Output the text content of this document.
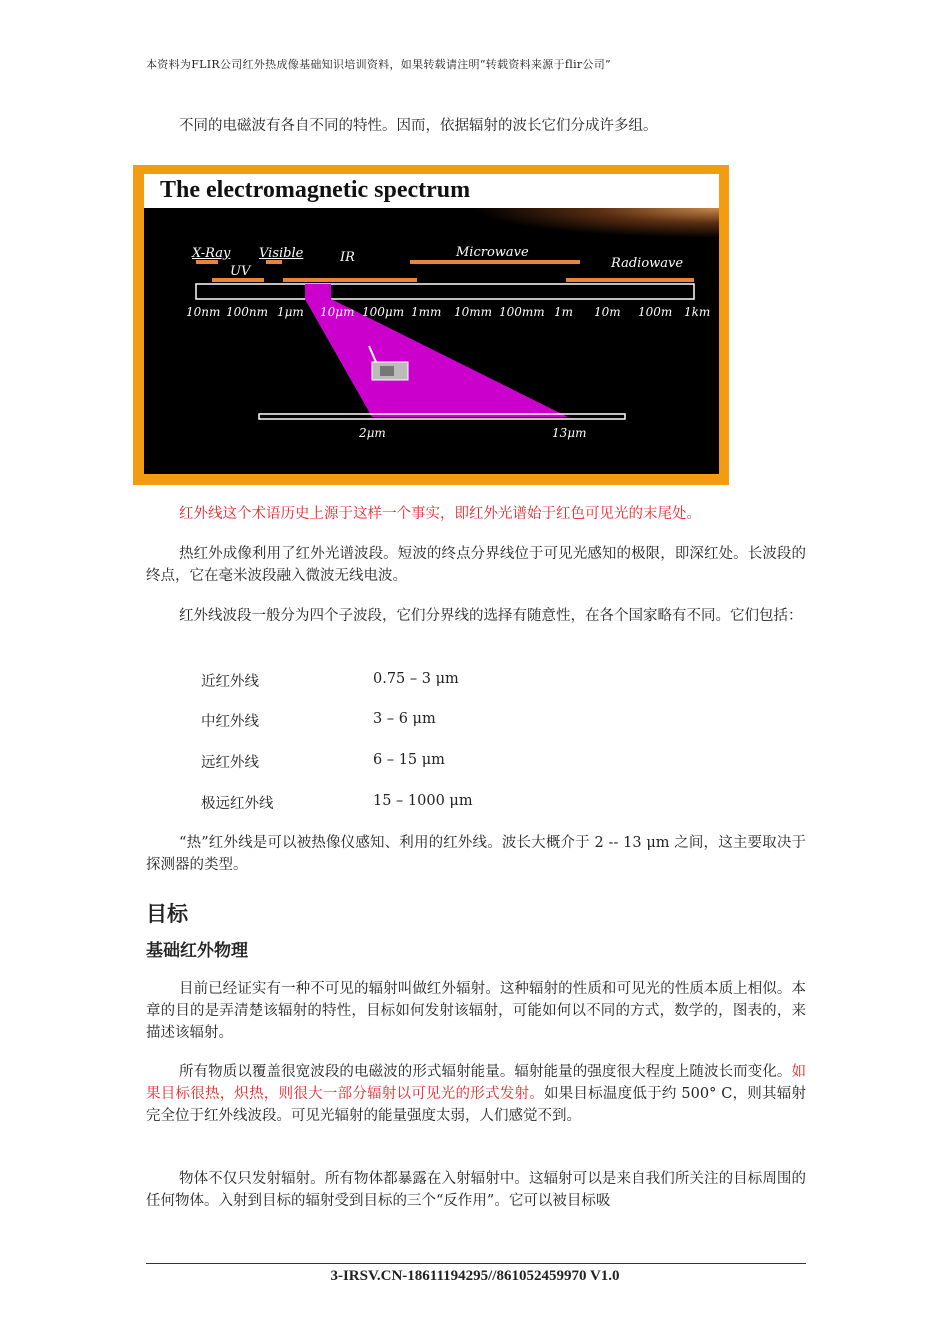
本资料为FLIR公司红外热成像基础知识培训资料，如果转载请注明“转载资料来源于flir公司”
不同的电磁波有各自不同的特性。因而，依据辐射的波长它们分成许多组。
The electromagnetic spectrum
X-Ray
UV
Visible	IR	Microwave
Radiowave
10nm 100nm 1μm 10μm 100μm 1mm 10mm 100mm 1m 10m 100m 1km
2μm	13μm
红外线这个术语历史上源于这样一个事实，即红外光谱始于红色可见光的末尾处。
热红外成像利用了红外光谱波段。短波的终点分界线位于可见光感知的极限，即深红处。长波段的终点，它在毫米波段融入微波无线电波。
红外线波段一般分为四个子波段，它们分界线的选择有随意性，在各个国家略有不同。它们包括：
近红外线	0.75 – 3 μm
中红外线	3 – 6 μm
远红外线	6 – 15 μm
极远红外线	15 – 1000 μm
“热”红外线是可以被热像仪感知、利用的红外线。波长大概介于 2 -- 13 μm 之间，这主要取决于探测器的类型。
目标
基础红外物理
目前已经证实有一种不可见的辐射叫做红外辐射。这种辐射的性质和可见光的性质本质上相似。本章的目的是弄清楚该辐射的特性，目标如何发射该辐射，可能如何以不同的方式，数学的，图表的，来描述该辐射。
所有物质以覆盖很宽波段的电磁波的形式辐射能量。辐射能量的强度很大程度上随波长而变化。如果目标很热，炽热，则很大一部分辐射以可见光的形式发射。如果目标温度低于约 500° C，则其辐射完全位于红外线波段。可见光辐射的能量强度太弱，人们感觉不到。
物体不仅只发射辐射。所有物体都暴露在入射辐射中。这辐射可以是来自我们所关注的目标周围的任何物体。入射到目标的辐射受到目标的三个“反作用”。它可以被目标吸
3-IRSV.CN-18611194295//861052459970 V1.0
